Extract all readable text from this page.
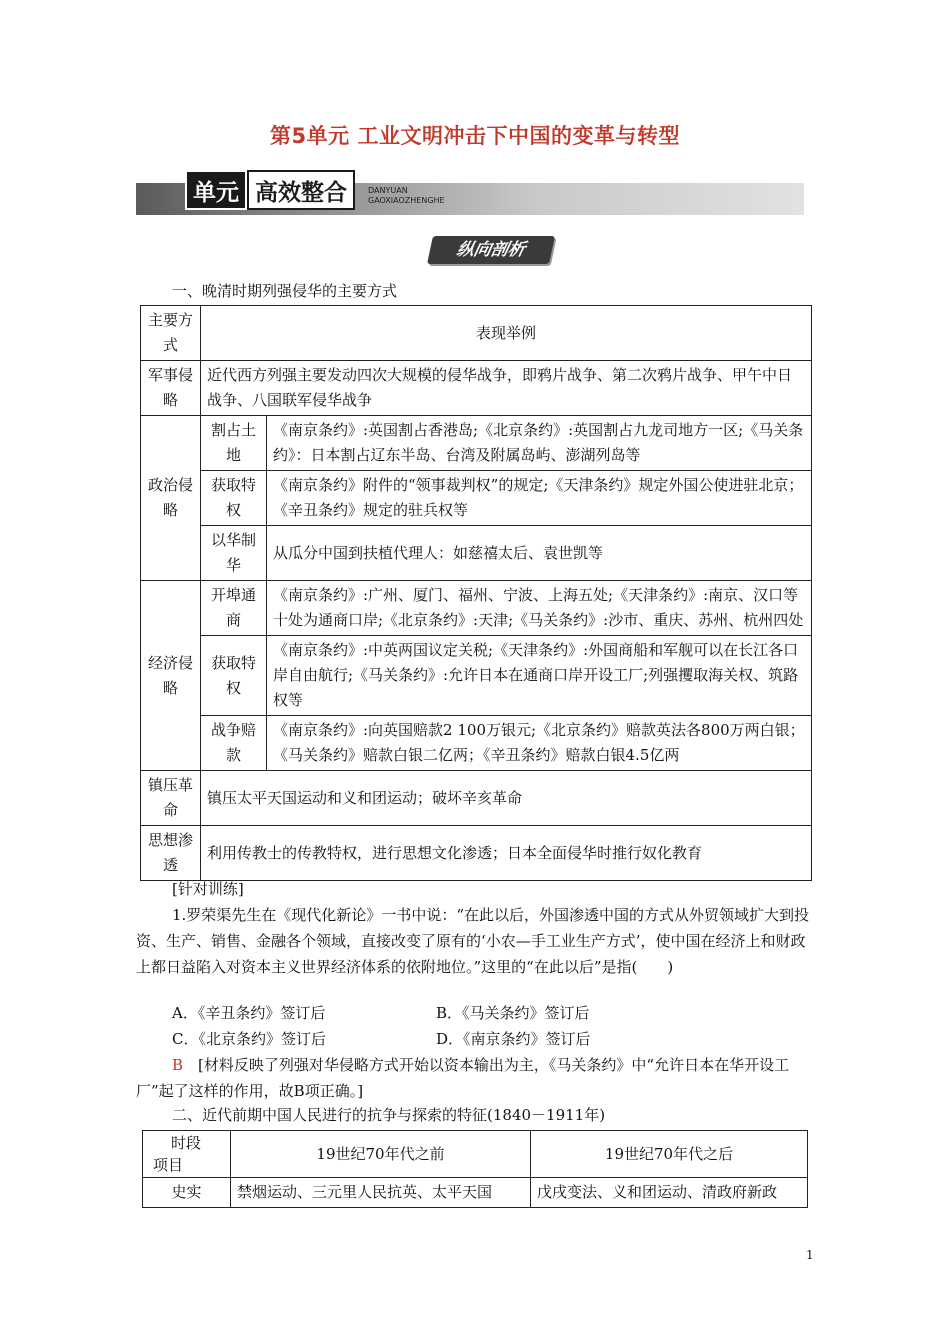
第5单元 工业文明冲击下中国的变革与转型
单元 高效整合	DANYUAN
GAOXIAOZHENGHE
纵向剖析
一、晚清时期列强侵华的主要方式
主要方式	表现举例	
军事侵略	近代西方列强主要发动四次大规模的侵华战争，即鸦片战争、第二次鸦片战争、甲午中日战争、八国联军侵华战争	
政治侵略	割占土地	《南京条约》:英国割占香港岛;《北京条约》:英国割占九龙司地方一区;《马关条约》：日本割占辽东半岛、台湾及附属岛屿、澎湖列岛等
	获取特权	《南京条约》附件的“领事裁判权”的规定;《天津条约》规定外国公使进驻北京；《辛丑条约》规定的驻兵权等
	以华制华	从瓜分中国到扶植代理人：如慈禧太后、袁世凯等
经济侵略	开埠通商	《南京条约》:广州、厦门、福州、宁波、上海五处;《天津条约》:南京、汉口等十处为通商口岸;《北京条约》:天津;《马关条约》:沙市、重庆、苏州、杭州四处
	获取特权	《南京条约》:中英两国议定关税;《天津条约》:外国商船和军舰可以在长江各口岸自由航行;《马关条约》:允许日本在通商口岸开设工厂;列强攫取海关权、筑路权等
	战争赔款	《南京条约》:向英国赔款2 100万银元;《北京条约》赔款英法各800万两白银；《马关条约》赔款白银二亿两；《辛丑条约》赔款白银4.5亿两
镇压革命	镇压太平天国运动和义和团运动；破坏辛亥革命	
思想渗透	利用传教士的传教特权，进行思想文化渗透；日本全面侵华时推行奴化教育	
[针对训练]
1.罗荣渠先生在《现代化新论》一书中说：“在此以后，外国渗透中国的方式从外贸领域扩大到投资、生产、销售、金融各个领域，直接改变了原有的‘小农—手工业生产方式’，使中国在经济上和财政上都日益陷入对资本主义世界经济体系的依附地位。”这里的“在此以后”是指(　　)
A．《辛丑条约》签订后	B．《马关条约》签订后
C．《北京条约》签订后	D．《南京条约》签订后
B　 [材料反映了列强对华侵略方式开始以资本输出为主，《马关条约》中“允许日本在华开设工厂”起了这样的作用，故B项正确。]
二、近代前期中国人民进行的抗争与探索的特征(1840－1911年)
时段
项目	19世纪70年代之前	19世纪70年代之后
史实	禁烟运动、三元里人民抗英、太平天国	戊戌变法、义和团运动、清政府新政
1
